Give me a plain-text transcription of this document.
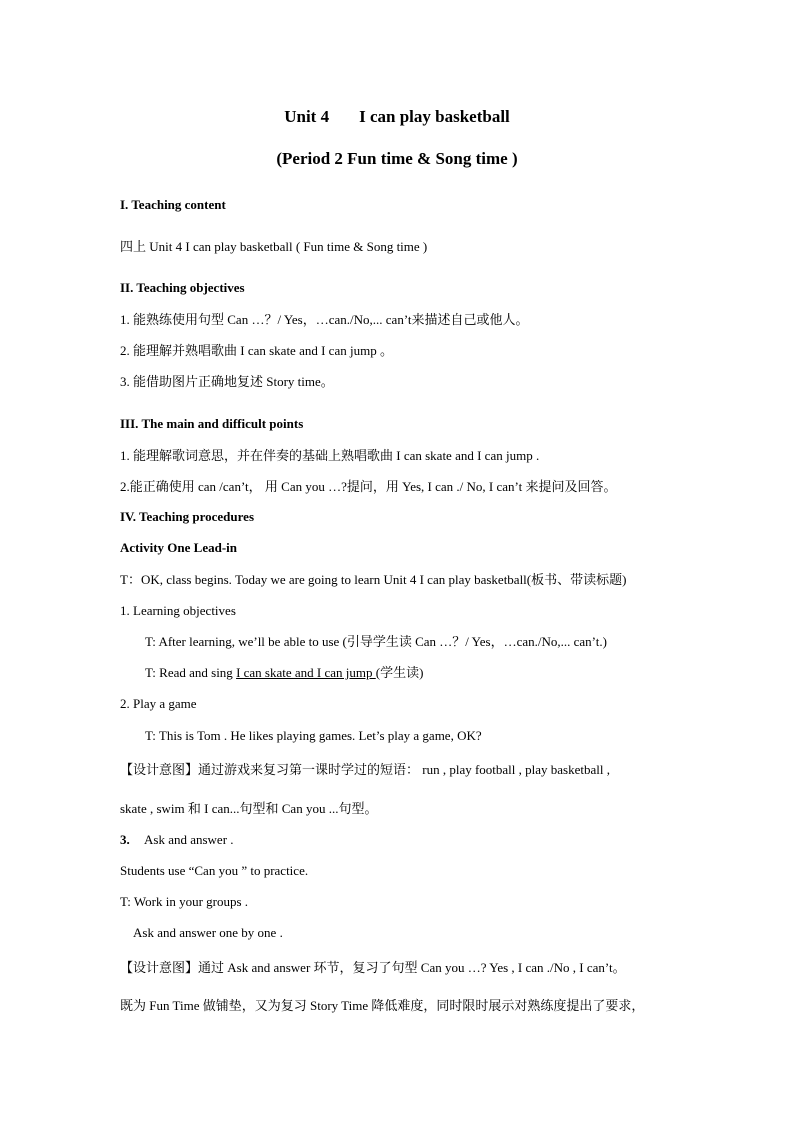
Unit 4 I can play basketball
(Period 2 Fun time & Song time )
I. Teaching content
四上 Unit 4 I can play basketball ( Fun time & Song time )
II. Teaching objectives
1. 能熟练使用句型 Can …？/ Yes，…can./No,... can’t来描述自己或他人。
2. 能理解并熟唱歌曲 I can skate and I can jump 。
3. 能借助图片正确地复述 Story time。
III. The main and difficult points
1. 能理解歌词意思，并在伴奏的基础上熟唱歌曲 I can skate and I can jump .
2.能正确使用 can /can’t， 用 Can you …?提问，用 Yes, I can ./ No, I can’t 来提问及回答。
IV. Teaching procedures
Activity One Lead-in
T：OK, class begins. Today we are going to learn Unit 4 I can play basketball(板书、带读标题)
1. Learning objectives
T: After learning, we’ll be able to use (引导学生读 Can …？/ Yes，…can./No,... can’t.)
T: Read and sing I can skate and I can jump (学生读)
2. Play a game
T: This is Tom . He likes playing games. Let’s play a game, OK?
【设计意图】通过游戏来复习第一课时学过的短语： run , play football , play basketball ,
skate , swim 和 I can...句型和 Can you ...句型。
3. Ask and answer .
Students use “Can you ” to practice.
T: Work in your groups .
Ask and answer one by one .
【设计意图】通过 Ask and answer 环节，复习了句型 Can you …? Yes , I can ./No , I can’t。
既为 Fun Time 做铺垫，又为复习 Story Time 降低难度，同时限时展示对熟练度提出了要求，
